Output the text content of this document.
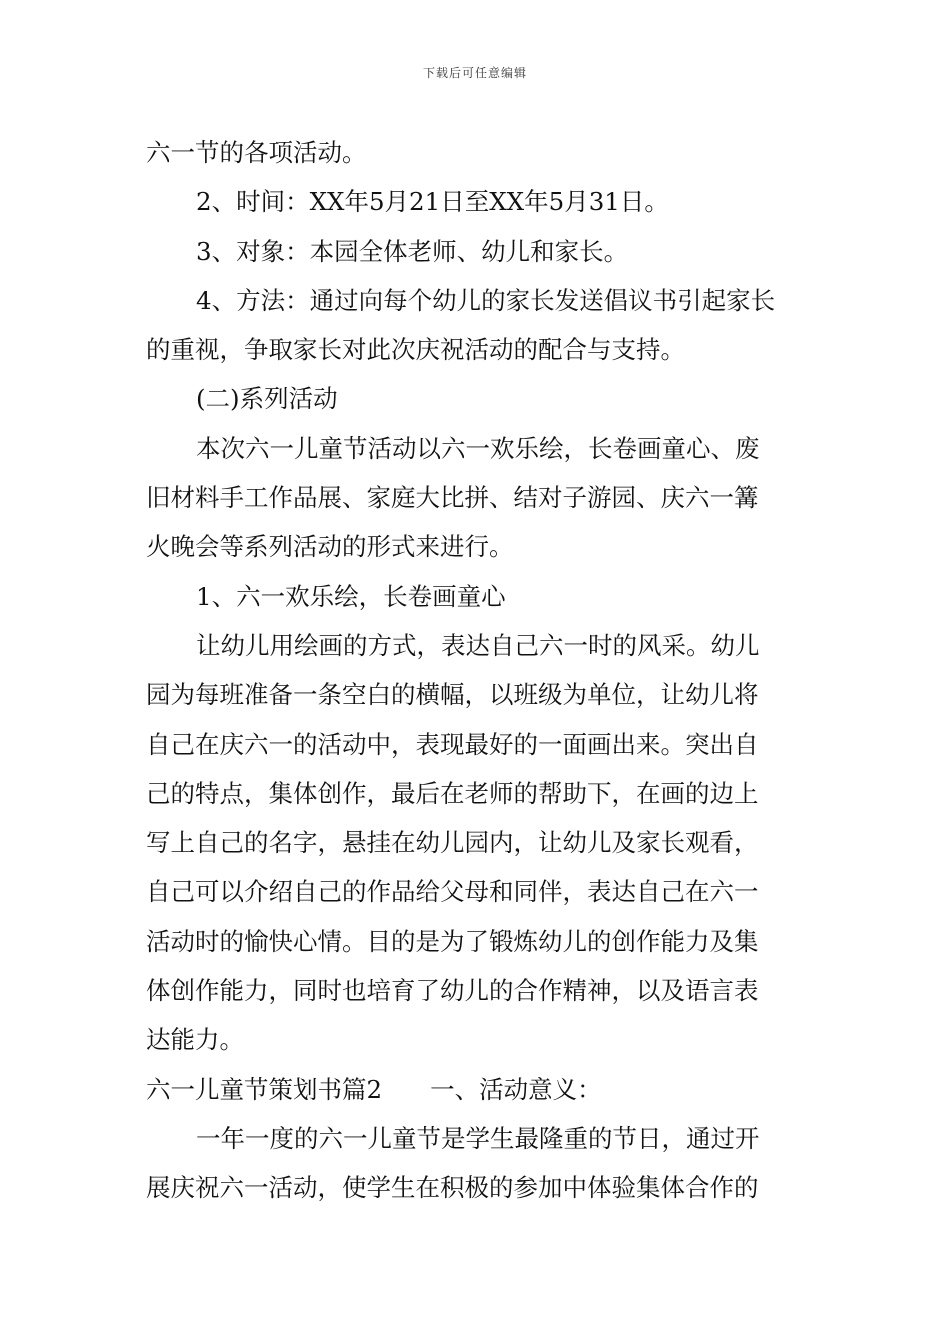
下载后可任意编辑
六一节的各项活动。
2、时间：XX年5月21日至XX年5月31日。
3、对象：本园全体老师、幼儿和家长。
4、方法：通过向每个幼儿的家长发送倡议书引起家长
的重视，争取家长对此次庆祝活动的配合与支持。
(二)系列活动
本次六一儿童节活动以六一欢乐绘，长卷画童心、废
旧材料手工作品展、家庭大比拼、结对子游园、庆六一篝
火晚会等系列活动的形式来进行。
1、六一欢乐绘，长卷画童心
让幼儿用绘画的方式，表达自己六一时的风采。幼儿
园为每班准备一条空白的横幅，以班级为单位，让幼儿将
自己在庆六一的活动中，表现最好的一面画出来。突出自
己的特点，集体创作，最后在老师的帮助下，在画的边上
写上自己的名字，悬挂在幼儿园内，让幼儿及家长观看，
自己可以介绍自己的作品给父母和同伴，表达自己在六一
活动时的愉快心情。目的是为了锻炼幼儿的创作能力及集
体创作能力，同时也培育了幼儿的合作精神，以及语言表
达能力。
六一儿童节策划书篇2 一、活动意义：
一年一度的六一儿童节是学生最隆重的节日，通过开
展庆祝六一活动，使学生在积极的参加中体验集体合作的
